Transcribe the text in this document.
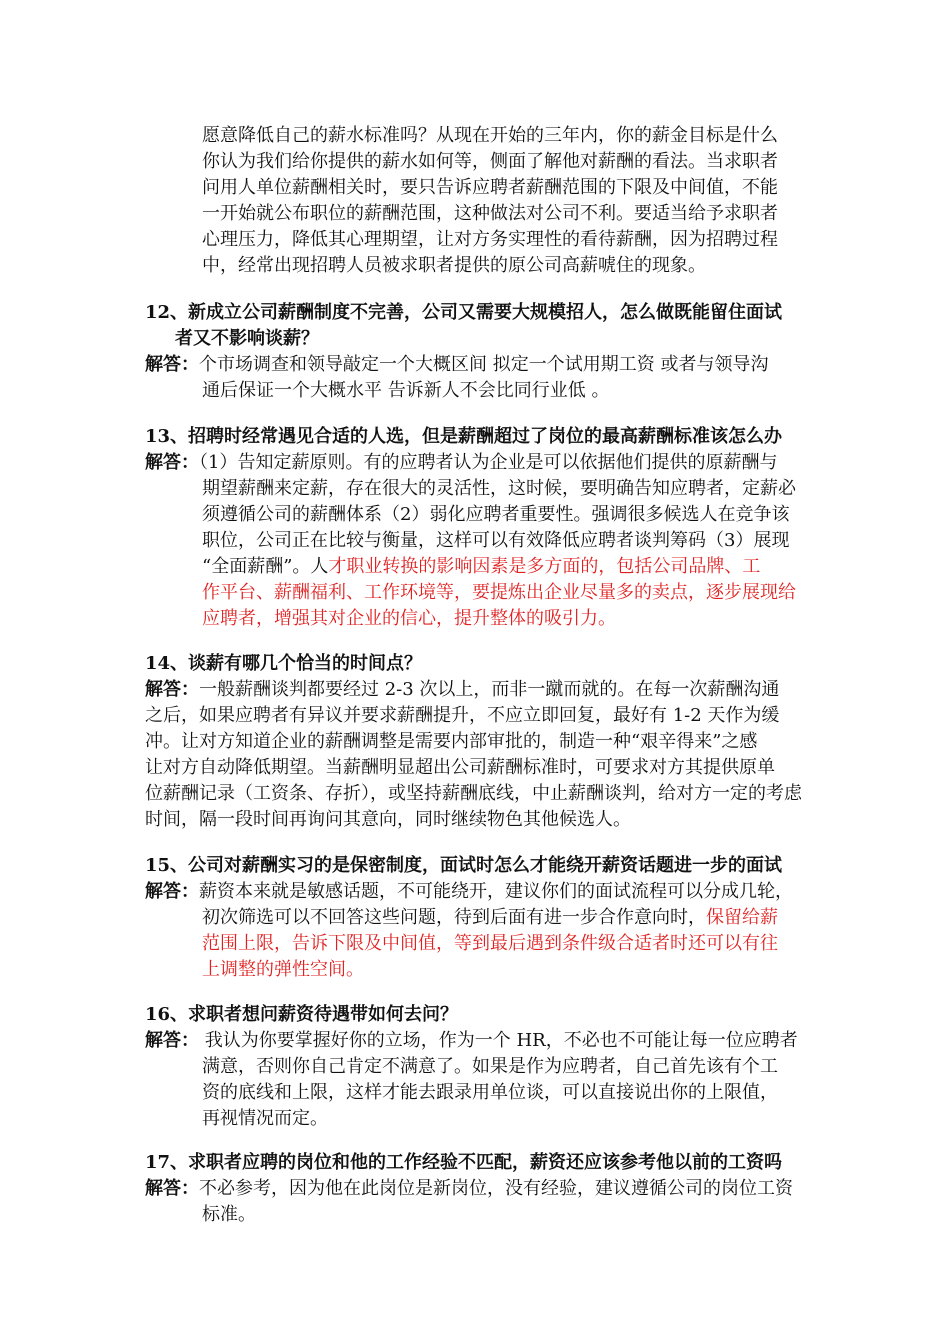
愿意降低自己的薪水标准吗？从现在开始的三年内，你的薪金目标是什么
你认为我们给你提供的薪水如何等，侧面了解他对薪酬的看法。当求职者
问用人单位薪酬相关时，要只告诉应聘者薪酬范围的下限及中间值，不能
一开始就公布职位的薪酬范围，这种做法对公司不利。要适当给予求职者
心理压力，降低其心理期望，让对方务实理性的看待薪酬，因为招聘过程
中，经常出现招聘人员被求职者提供的原公司高薪唬住的现象。
12、新成立公司薪酬制度不完善，公司又需要大规模招人，怎么做既能留住面试
者又不影响谈薪？
解答：个市场调查和领导敲定一个大概区间 拟定一个试用期工资 或者与领导沟
通后保证一个大概水平 告诉新人不会比同行业低 。
13、招聘时经常遇见合适的人选，但是薪酬超过了岗位的最高薪酬标准该怎么办
解答：（1）告知定薪原则。有的应聘者认为企业是可以依据他们提供的原薪酬与
期望薪酬来定薪，存在很大的灵活性，这时候，要明确告知应聘者，定薪必
须遵循公司的薪酬体系（2）弱化应聘者重要性。强调很多候选人在竞争该
职位，公司正在比较与衡量，这样可以有效降低应聘者谈判筹码（3）展现
“全面薪酬”。人才职业转换的影响因素是多方面的，包括公司品牌、工
作平台、薪酬福利、工作环境等，要提炼出企业尽量多的卖点，逐步展现给
应聘者，增强其对企业的信心，提升整体的吸引力。
14、谈薪有哪几个恰当的时间点？
解答：一般薪酬谈判都要经过 2-3 次以上，而非一蹴而就的。在每一次薪酬沟通
之后，如果应聘者有异议并要求薪酬提升，不应立即回复，最好有 1-2 天作为缓
冲。让对方知道企业的薪酬调整是需要内部审批的，制造一种“艰辛得来”之感
让对方自动降低期望。当薪酬明显超出公司薪酬标准时，可要求对方其提供原单
位薪酬记录（工资条、存折），或坚持薪酬底线，中止薪酬谈判，给对方一定的考虑
时间，隔一段时间再询问其意向，同时继续物色其他候选人。
15、公司对薪酬实习的是保密制度，面试时怎么才能绕开薪资话题进一步的面试
解答：薪资本来就是敏感话题，不可能绕开，建议你们的面试流程可以分成几轮，
初次筛选可以不回答这些问题，待到后面有进一步合作意向时，保留给薪
范围上限，告诉下限及中间值，等到最后遇到条件级合适者时还可以有往
上调整的弹性空间。
16、求职者想问薪资待遇带如何去问？
解答： 我认为你要掌握好你的立场，作为一个 HR，不必也不可能让每一位应聘者
满意，否则你自己肯定不满意了。如果是作为应聘者，自己首先该有个工
资的底线和上限，这样才能去跟录用单位谈，可以直接说出你的上限值，
再视情况而定。
17、求职者应聘的岗位和他的工作经验不匹配，薪资还应该参考他以前的工资吗
解答：不必参考，因为他在此岗位是新岗位，没有经验，建议遵循公司的岗位工资
标准。
